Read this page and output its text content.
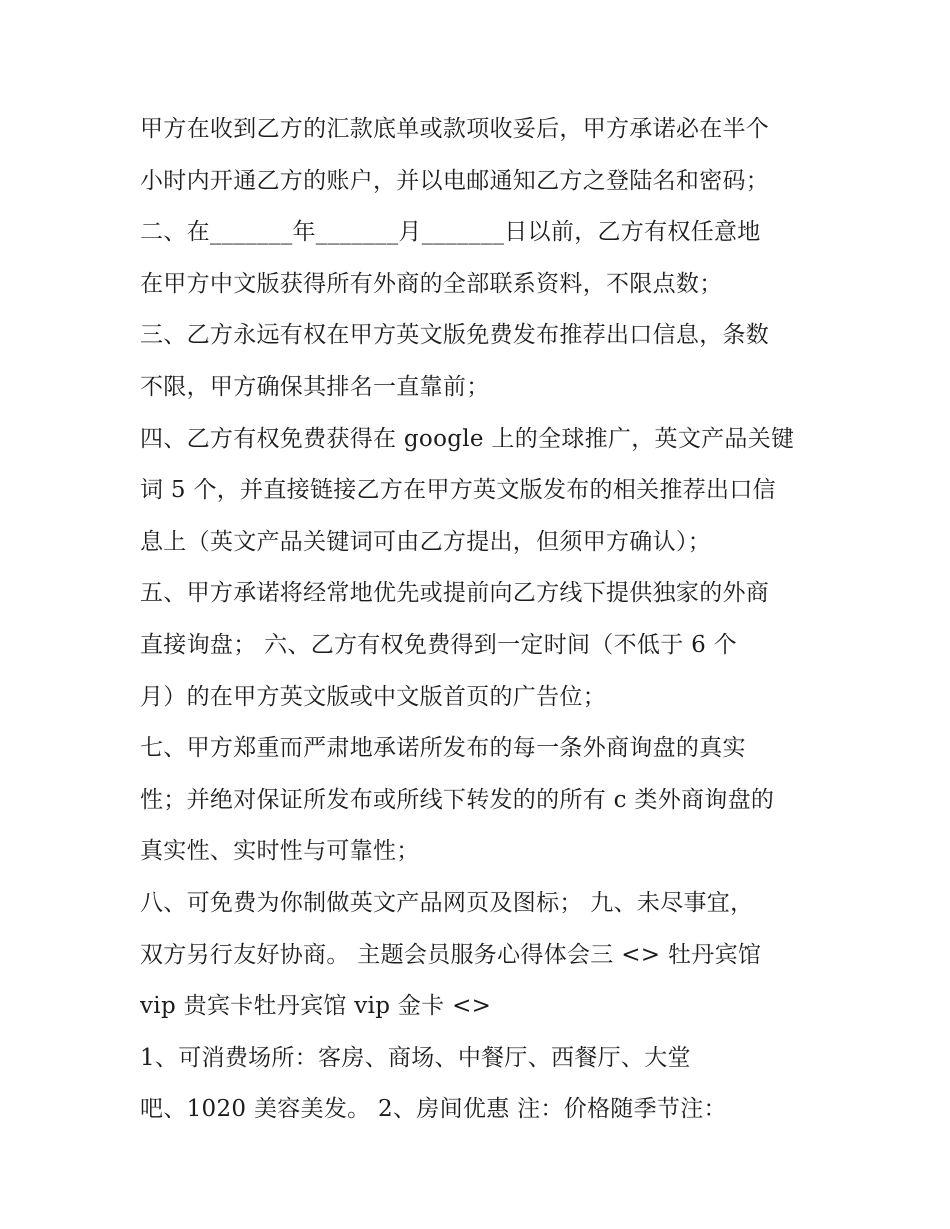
甲方在收到乙方的汇款底单或款项收妥后，甲方承诺必在半个
小时内开通乙方的账户，并以电邮通知乙方之登陆名和密码；
二、在_______年_______月_______日以前，乙方有权任意地
在甲方中文版获得所有外商的全部联系资料，不限点数；
三、乙方永远有权在甲方英文版免费发布推荐出口信息，条数
不限，甲方确保其排名一直靠前；
四、乙方有权免费获得在 google 上的全球推广，英文产品关键
词 5 个，并直接链接乙方在甲方英文版发布的相关推荐出口信
息上（英文产品关键词可由乙方提出，但须甲方确认）；
五、甲方承诺将经常地优先或提前向乙方线下提供独家的外商
直接询盘； 六、乙方有权免费得到一定时间（不低于 6 个
月）的在甲方英文版或中文版首页的广告位；
七、甲方郑重而严肃地承诺所发布的每一条外商询盘的真实
性；并绝对保证所发布或所线下转发的的所有 c 类外商询盘的
真实性、实时性与可靠性；
八、可免费为你制做英文产品网页及图标； 九、未尽事宜，
双方另行友好协商。 主题会员服务心得体会三 <> 牡丹宾馆
vip 贵宾卡牡丹宾馆 vip 金卡 <>
1、可消费场所：客房、商场、中餐厅、西餐厅、大堂
吧、1020 美容美发。 2、房间优惠 注：价格随季节注：
